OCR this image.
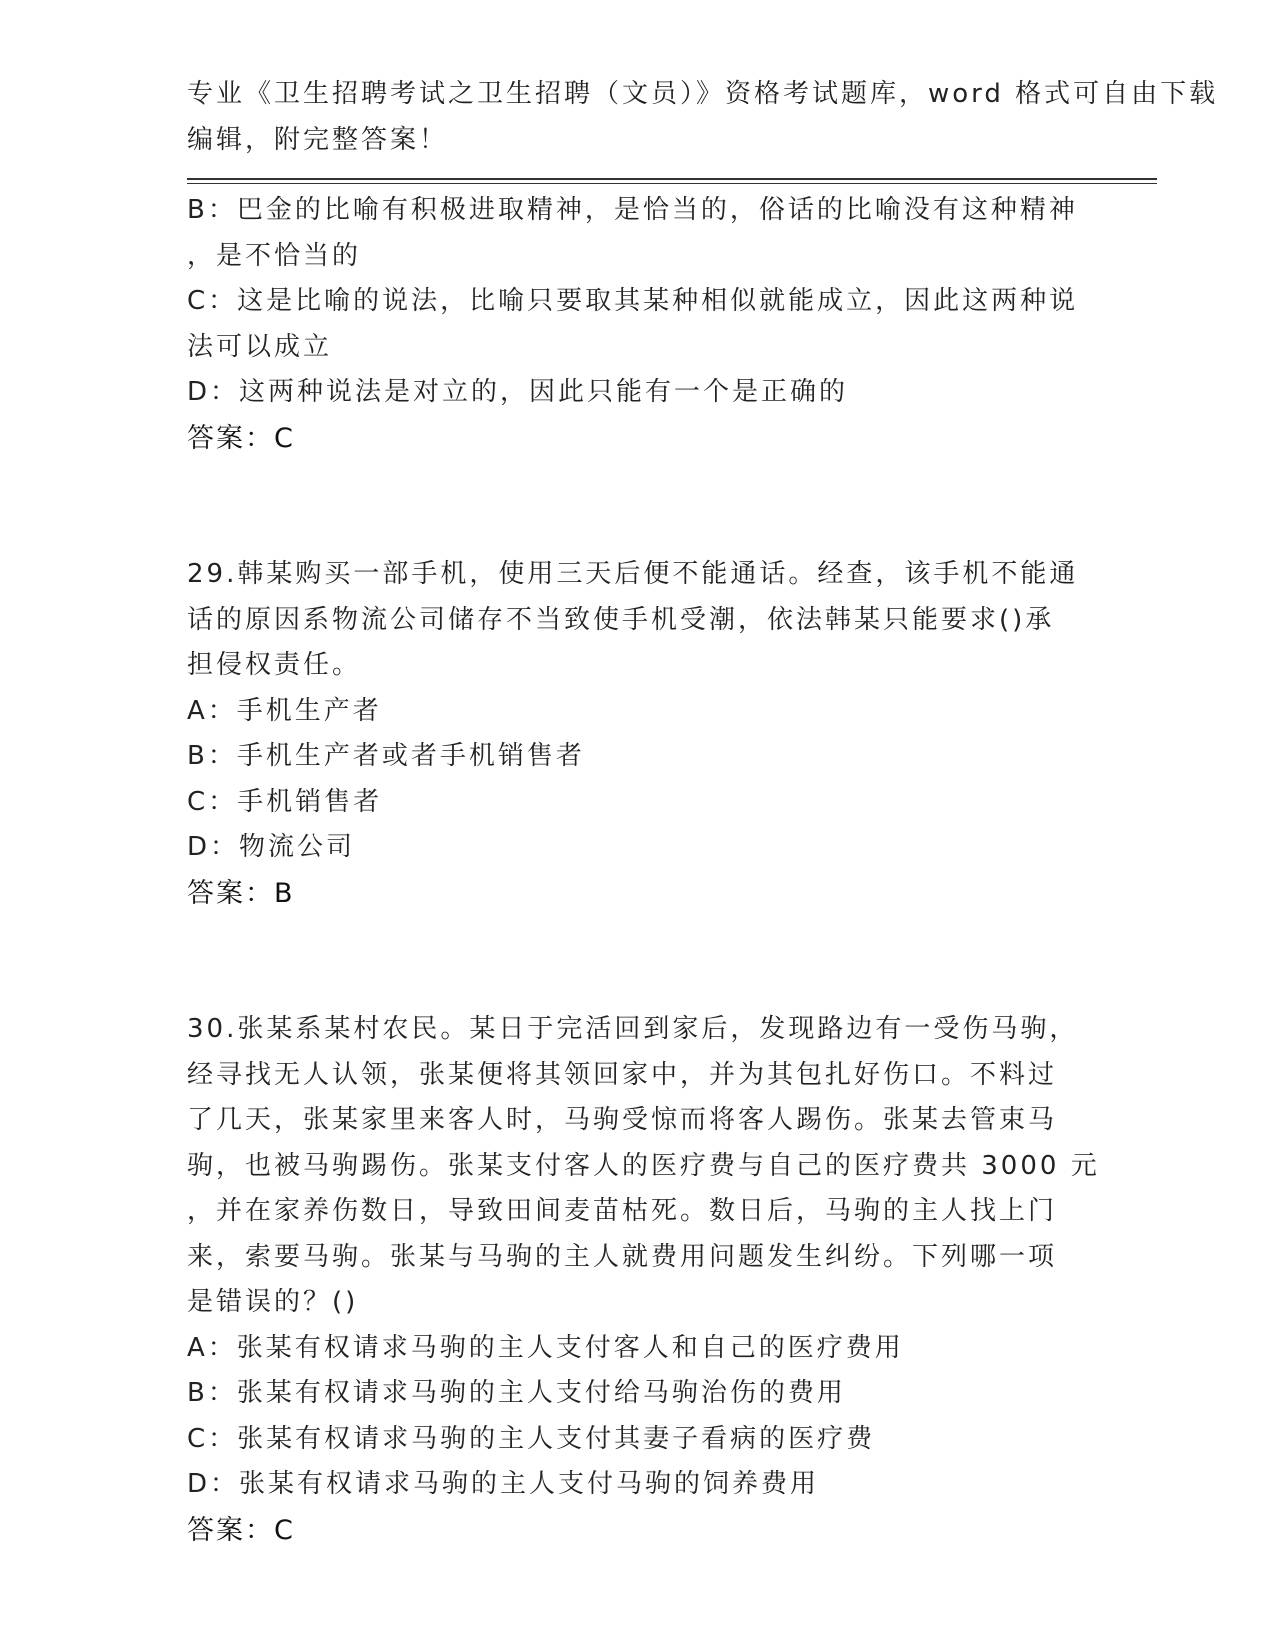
专业《卫生招聘考试之卫生招聘（文员）》资格考试题库，word 格式可自由下载
编辑，附完整答案！
B：巴金的比喻有积极进取精神，是恰当的，俗话的比喻没有这种精神
，是不恰当的
C：这是比喻的说法，比喻只要取其某种相似就能成立，因此这两种说
法可以成立
D：这两种说法是对立的，因此只能有一个是正确的
答案：C
29.韩某购买一部手机，使用三天后便不能通话。经查，该手机不能通
话的原因系物流公司储存不当致使手机受潮，依法韩某只能要求()承
担侵权责任。
A：手机生产者
B：手机生产者或者手机销售者
C：手机销售者
D：物流公司
答案：B
30.张某系某村农民。某日于完活回到家后，发现路边有一受伤马驹，
经寻找无人认领，张某便将其领回家中，并为其包扎好伤口。不料过
了几天，张某家里来客人时，马驹受惊而将客人踢伤。张某去管束马
驹，也被马驹踢伤。张某支付客人的医疗费与自己的医疗费共 3000 元
，并在家养伤数日，导致田间麦苗枯死。数日后，马驹的主人找上门
来，索要马驹。张某与马驹的主人就费用问题发生纠纷。下列哪一项
是错误的？()
A：张某有权请求马驹的主人支付客人和自己的医疗费用
B：张某有权请求马驹的主人支付给马驹治伤的费用
C：张某有权请求马驹的主人支付其妻子看病的医疗费
D：张某有权请求马驹的主人支付马驹的饲养费用
答案：C
